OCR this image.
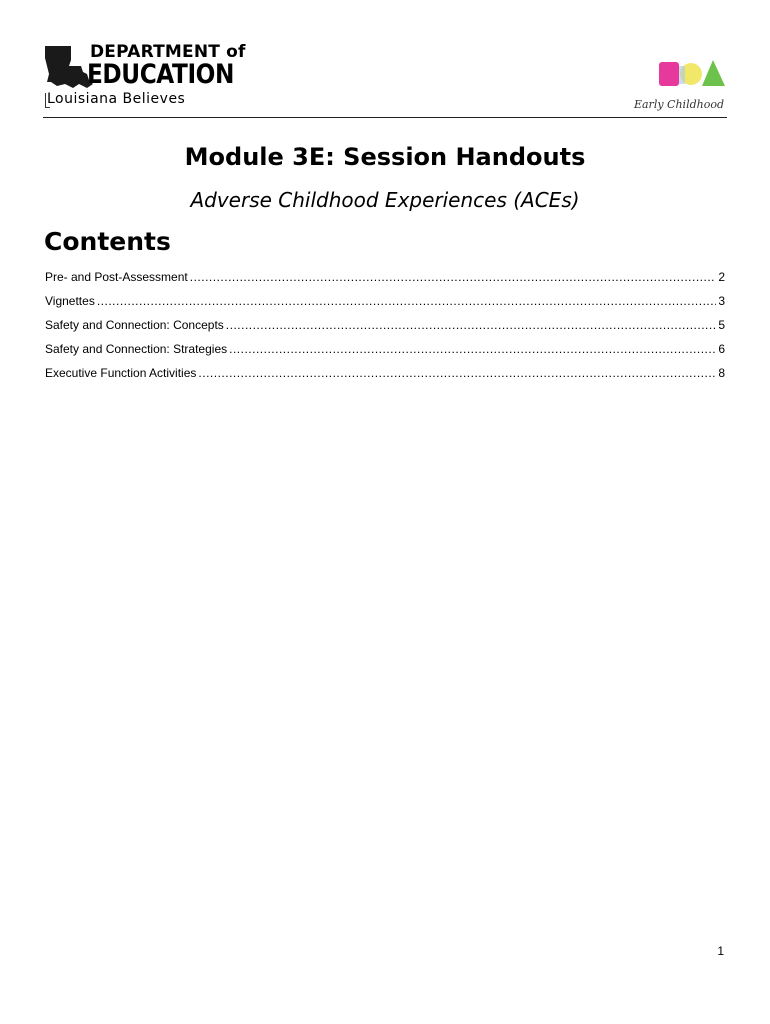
DEPARTMENT of
EDUCATION
Louisiana Believes	Early Childhood
Module 3E: Session Handouts
Adverse Childhood Experiences (ACEs)
Contents
Pre- and Post-Assessment .....	2
Vignettes .....	3
Safety and Connection: Concepts .....	5
Safety and Connection: Strategies .....	6
Executive Function Activities .....	8
1
